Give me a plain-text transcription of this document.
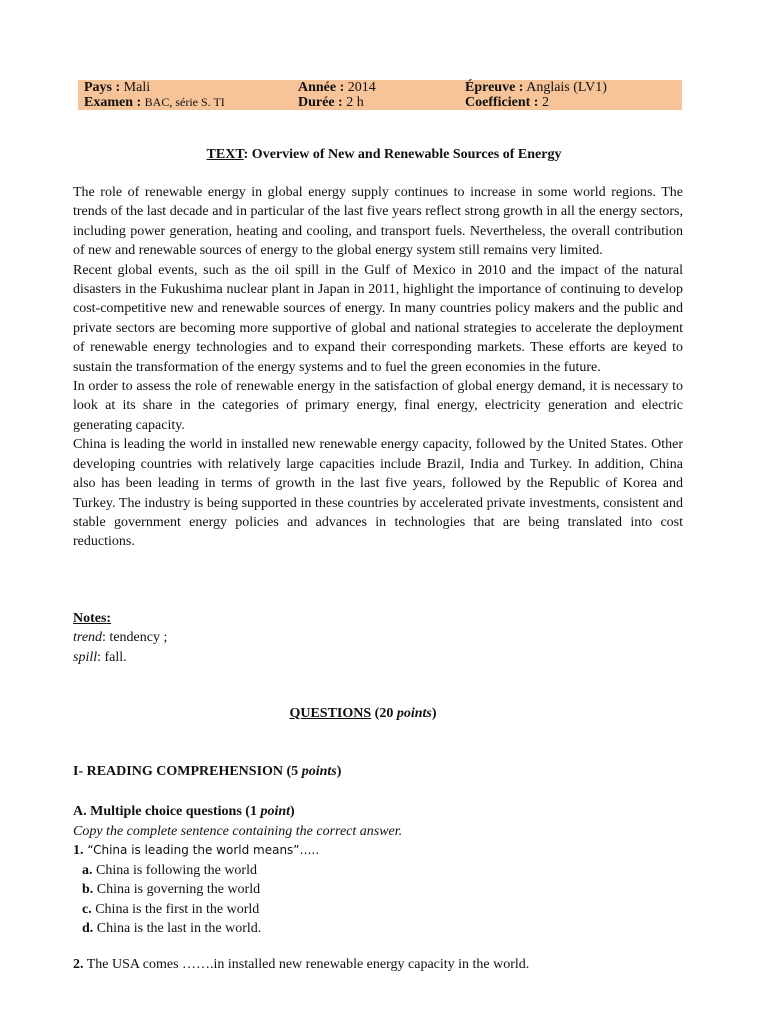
Pays : Mali
Examen : BAC, série S. TI
Année : 2014
Durée : 2 h
Épreuve : Anglais (LV1)
Coefficient : 2
TEXT: Overview of New and Renewable Sources of Energy

The role of renewable energy in global energy supply continues to increase in some world regions. The trends of the last decade and in particular of the last five years reflect strong growth in all the energy sectors, including power generation, heating and cooling, and transport fuels. Nevertheless, the overall contribution of new and renewable sources of energy to the global energy system still remains very limited.

Recent global events, such as the oil spill in the Gulf of Mexico in 2010 and the impact of the natural disasters in the Fukushima nuclear plant in Japan in 2011, highlight the importance of continuing to develop cost-competitive new and renewable sources of energy. In many countries policy makers and the public and private sectors are becoming more supportive of global and national strategies to accelerate the deployment of renewable energy technologies and to expand their corresponding markets. These efforts are keyed to sustain the transformation of the energy systems and to fuel the green economies in the future.

In order to assess the role of renewable energy in the satisfaction of global energy demand, it is necessary to look at its share in the categories of primary energy, final energy, electricity generation and electric generating capacity.

China is leading the world in installed new renewable energy capacity, followed by the United States. Other developing countries with relatively large capacities include Brazil, India and Turkey. In addition, China also has been leading in terms of growth in the last five years, followed by the Republic of Korea and Turkey. The industry is being supported in these countries by accelerated private investments, consistent and stable government energy policies and advances in technologies that are being translated into cost reductions.

Notes:
trend: tendency ;
spill: fall.
QUESTIONS (20 points)
I- READING COMPREHENSION (5 points)
A. Multiple choice questions (1 point)
Copy the complete sentence containing the correct answer.
1. “China is leading the world means”…..
a. China is following the world
b. China is governing the world
c. China is the first in the world
d. China is the last in the world.
2. The USA comes …….in installed new renewable energy capacity in the world.
